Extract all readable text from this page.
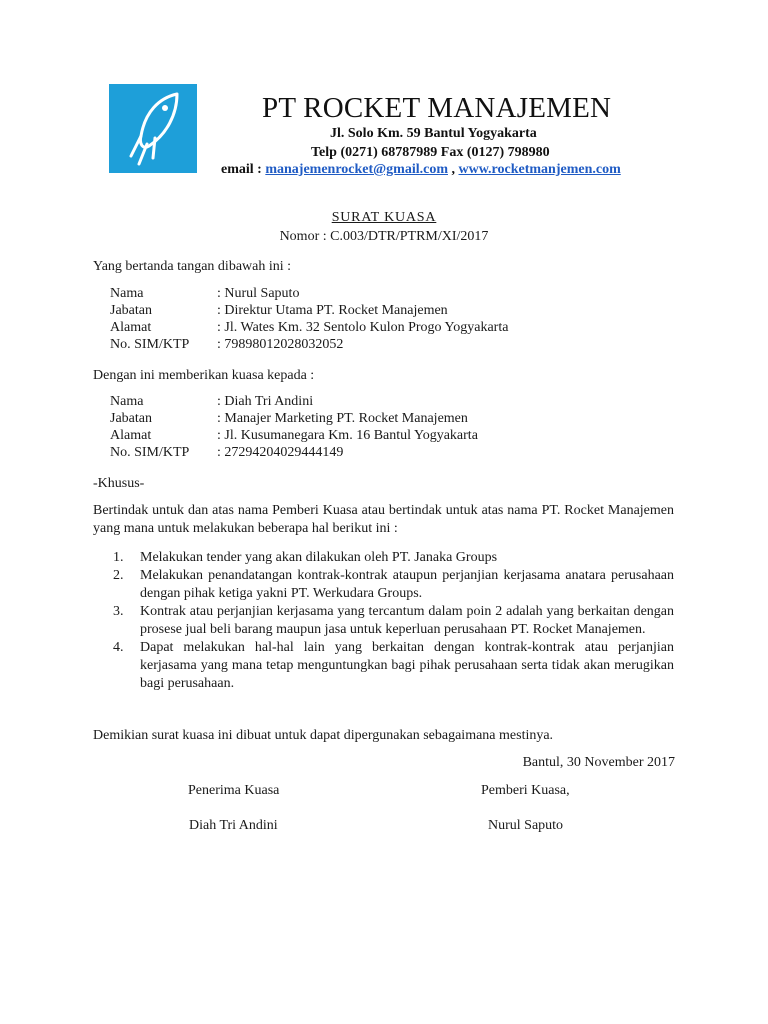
PT ROCKET MANAJEMEN
Jl. Solo Km. 59 Bantul Yogyakarta
Telp (0271) 68787989 Fax (0127) 798980
email : manajemenrocket@gmail.com , www.rocketmanjemen.com
SURAT KUASA
Nomor : C.003/DTR/PTRM/XI/2017
Yang bertanda tangan dibawah ini :
Nama	: Nurul Saputo
Jabatan	: Direktur Utama PT. Rocket Manajemen
Alamat	: Jl. Wates Km. 32 Sentolo Kulon Progo Yogyakarta
No. SIM/KTP	: 79898012028032052
Dengan ini memberikan kuasa kepada :
Nama	: Diah Tri Andini
Jabatan	: Manajer Marketing PT. Rocket Manajemen
Alamat	: Jl. Kusumanegara Km. 16 Bantul Yogyakarta
No. SIM/KTP	: 27294204029444149
-Khusus-
Bertindak untuk dan atas nama Pemberi Kuasa atau bertindak untuk atas nama PT. Rocket Manajemen yang mana untuk melakukan beberapa hal berikut ini :
1.	Melakukan tender yang akan dilakukan oleh PT. Janaka Groups
2.	Melakukan penandatangan kontrak-kontrak ataupun perjanjian kerjasama anatara perusahaan dengan pihak ketiga yakni PT. Werkudara Groups.
3.	Kontrak atau perjanjian kerjasama yang tercantum dalam poin 2 adalah yang berkaitan dengan prosese jual beli barang maupun jasa untuk keperluan perusahaan PT. Rocket Manajemen.
4.	Dapat melakukan hal-hal lain yang berkaitan dengan kontrak-kontrak atau perjanjian kerjasama yang mana tetap menguntungkan bagi pihak perusahaan serta tidak akan merugikan bagi perusahaan.
Demikian surat kuasa ini dibuat untuk dapat dipergunakan sebagaimana mestinya.
Bantul, 30 November 2017
Penerima Kuasa	Pemberi Kuasa,
Diah Tri Andini	Nurul Saputo
